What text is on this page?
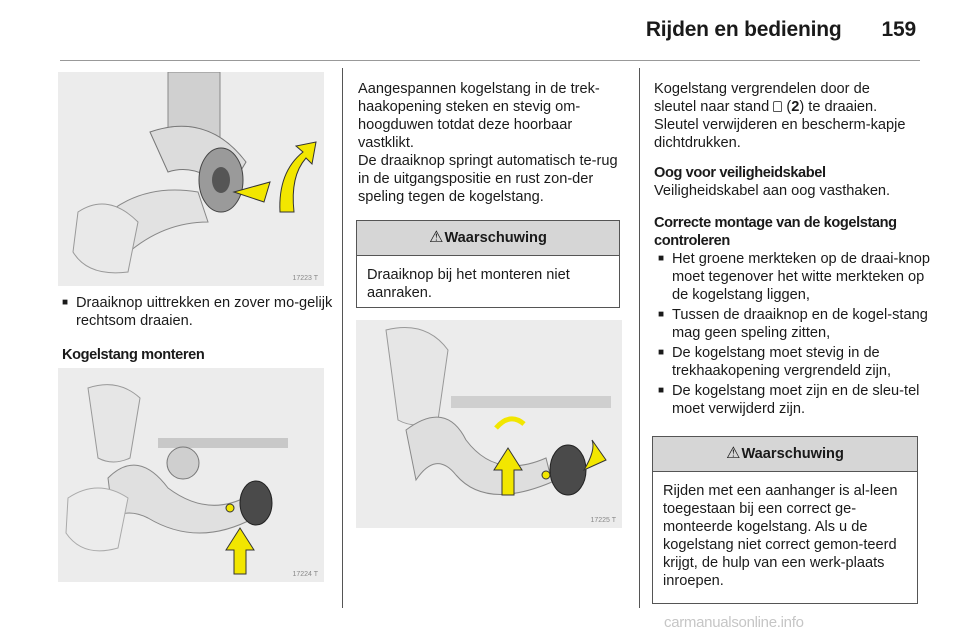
Rijden en bediening 159
17223 T

■ Draaiknop uittrekken en zover mo-gelijk rechtsom draaien.

Kogelstang monteren

17224 T

Aangespannen kogelstang in de trek-haakopening steken en stevig om-hoogduwen totdat deze hoorbaar vastklikt.

De draaiknop springt automatisch te-rug in de uitgangspositie en rust zon-der speling tegen de kogelstang.

⚠Waarschuwing
Draaiknop bij het monteren niet aanraken.
17225 T

Kogelstang vergrendelen door de
sleutel naar stand (2) te draaien.
Sleutel verwijderen en bescherm-kapje dichtdrukken.

Oog voor veiligheidskabel

Veiligheidskabel aan oog vasthaken.

Correcte montage van de kogelstang controleren

■ Het groene merkteken op de draai-knop moet tegenover het witte merkteken op de kogelstang liggen,

■ Tussen de draaiknop en de kogel-stang mag geen speling zitten,

■ De kogelstang moet stevig in de trekhaakopening vergrendeld zijn,

■ De kogelstang moet zijn en de sleu-tel moet verwijderd zijn.

⚠Waarschuwing
Rijden met een aanhanger is al-leen toegestaan bij een correct ge-monteerde kogelstang. Als u de kogelstang niet correct gemon-teerd krijgt, de hulp van een werk-plaats inroepen.
carmanualsonline.info
